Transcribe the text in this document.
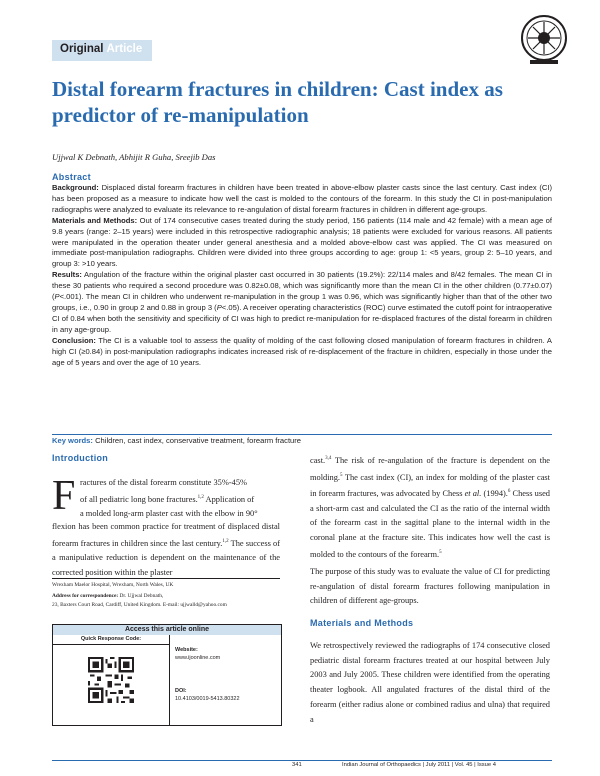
Original Article
Distal forearm fractures in children: Cast index as predictor of re-manipulation
Ujjwal K Debnath, Abhijit R Guha, Sreejib Das
Abstract

Background: Displaced distal forearm fractures in children have been treated in above-elbow plaster casts since the last century. Cast index (CI) has been proposed as a measure to indicate how well the cast is molded to the contours of the forearm. In this study the CI in post-manipulation radiographs were analyzed to evaluate its relevance to re-angulation of distal forearm fractures in children in different age-groups.

Materials and Methods: Out of 174 consecutive cases treated during the study period, 156 patients (114 male and 42 female) with a mean age of 9.8 years (range: 2–15 years) were included in this retrospective radiographic analysis; 18 patients were excluded for various reasons. All patients were manipulated in the operation theater under general anesthesia and a molded above-elbow cast was applied. The CI was measured on immediate post-manipulation radiographs. Children were divided into three groups according to age: group 1: <5 years, group 2: 5–10 years, and group 3: >10 years.

Results: Angulation of the fracture within the original plaster cast occurred in 30 patients (19.2%): 22/114 males and 8/42 females. The mean CI in these 30 patients who required a second procedure was 0.82±0.08, which was significantly more than the mean CI in the other children (0.77±0.07) (P<.001). The mean CI in children who underwent re-manipulation in the group 1 was 0.96, which was significantly higher than that of the other two groups, i.e., 0.90 in group 2 and 0.88 in group 3 (P<.05). A receiver operating characteristics (ROC) curve estimated the cutoff point for intraoperative CI of 0.84 when both the sensitivity and specificity of CI was high to predict re-manipulation for re-displaced fractures of the distal forearm in children in any age-group.

Conclusion: The CI is a valuable tool to assess the quality of molding of the cast following closed manipulation of forearm fractures in children. A high CI (≥0.84) in post-manipulation radiographs indicates increased risk of re-displacement of the fracture in children, especially in those under the age of 5 years and over the age of 10 years.

Key words: Children, cast index, conservative treatment, forearm fracture
Introduction
F ractures of the distal forearm constitute 35%-45%
of all pediatric long bone fractures.$^{1,2}$ Application of
a molded long-arm plaster cast with the elbow in 90°

flexion has been common practice for treatment of displaced distal forearm fractures in children since the last century.$^{1,2}$ The success of a manipulative reduction is dependent on the maintenance of the corrected position within the plaster

Wrexham Maelor Hospital, Wrexham, North Wales, UK
Address for correspondence: Dr. Ujjwal Debnath,
23, Baxters Court Road, Cardiff, United Kingdom. E-mail: ujjwalld@yahoo.com
Access this article online
Quick Response Code:
Website:
www.ijoonline.com
DOI:
10.4103/0019-5413.80322

cast.$^{3,4}$ The risk of re-angulation of the fracture is dependent on the molding.$^5$ The cast index (CI), an index for molding of the plaster cast in forearm fractures, was advocated by Chess et al. (1994).$^6$ Chess used a short-arm cast and calculated the CI as the ratio of the internal width of the forearm cast in the sagittal plane to the internal width in the coronal plane at the fracture site. This indicates how well the cast is molded to the contours of the forearm.$^5$

The purpose of this study was to evaluate the value of CI for predicting re-angulation of distal forearm fractures following manipulation in children of different age-groups.
Materials and Methods
We retrospectively reviewed the radiographs of 174 consecutive closed pediatric distal forearm fractures treated at our hospital between July 2003 and July 2005. These children were identified from the operating theater logbook. All angulated fractures of the distal third of the forearm (either radius alone or combined radius and ulna) that required a
341	Indian Journal of Orthopaedics | July 2011 | Vol. 45 | Issue 4
